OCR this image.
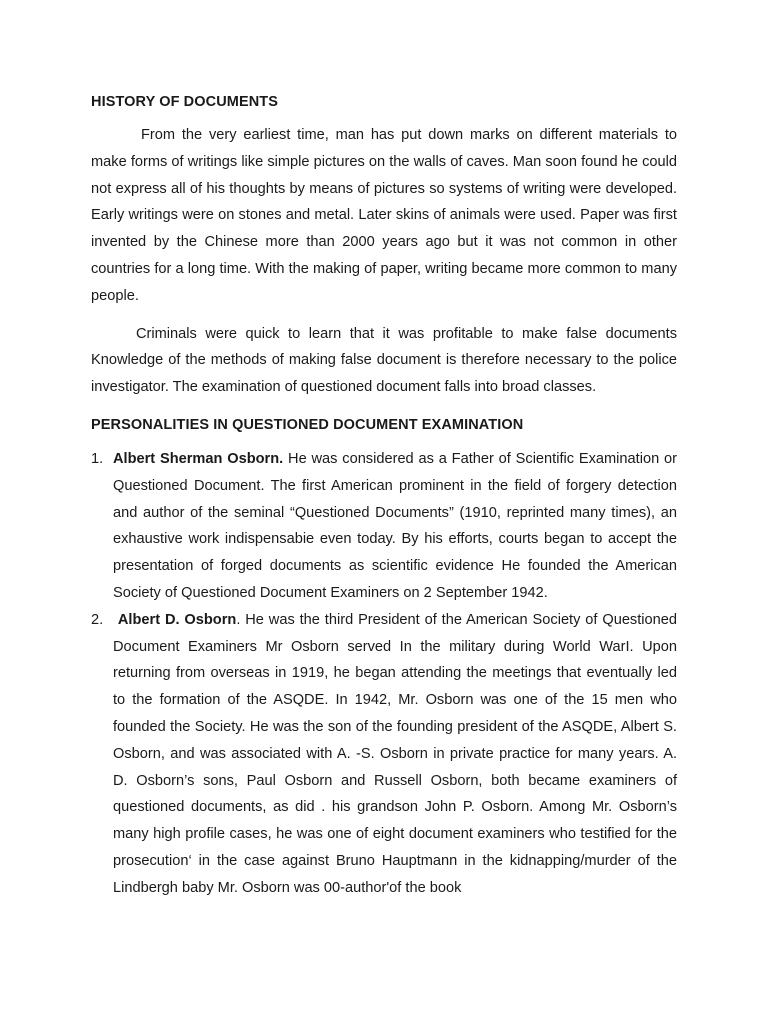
HISTORY OF DOCUMENTS

From the very earliest time, man has put down marks on different materials to make forms of writings like simple pictures on the walls of caves. Man soon found he could not express all of his thoughts by means of pictures so systems of writing were developed. Early writings were on stones and metal. Later skins of animals were used. Paper was first invented by the Chinese more than 2000 years ago but it was not common in other countries for a long time. With the making of paper, writing became more common to many people.

Criminals were quick to learn that it was profitable to make false documents Knowledge of the methods of making false document is therefore necessary to the police investigator. The examination of questioned document falls into broad classes.

PERSONALITIES IN QUESTIONED DOCUMENT EXAMINATION
1. Albert Sherman Osborn. He was considered as a Father of Scientific Examination or Questioned Document. The first American prominent in the field of forgery detection and author of the seminal “Questioned Documents” (1910, reprinted many times), an exhaustive work indispensabie even today. By his efforts, courts began to accept the presentation of forged documents as scientific evidence He founded the American Society of Questioned Document Examiners on 2 September 1942.
2. Albert D. Osborn. He was the third President of the American Society of Questioned Document Examiners Mr Osborn served In the military during World WarI. Upon returning from overseas in 1919, he began attending the meetings that eventually led to the formation of the ASQDE. In 1942, Mr. Osborn was one of the 15 men who founded the Society. He was the son of the founding president of the ASQDE, Albert S. Osborn, and was associated with A. -S. Osborn in private practice for many years. A. D. Osborn’s sons, Paul Osborn and Russell Osborn, both became examiners of questioned documents, as did . his grandson John P. Osborn. Among Mr. Osborn’s many high profile cases, he was one of eight document examiners who testified for the prosecution‘ in the case against Bruno Hauptmann in the kidnapping/murder of the Lindbergh baby Mr. Osborn was 00-author'of the book
